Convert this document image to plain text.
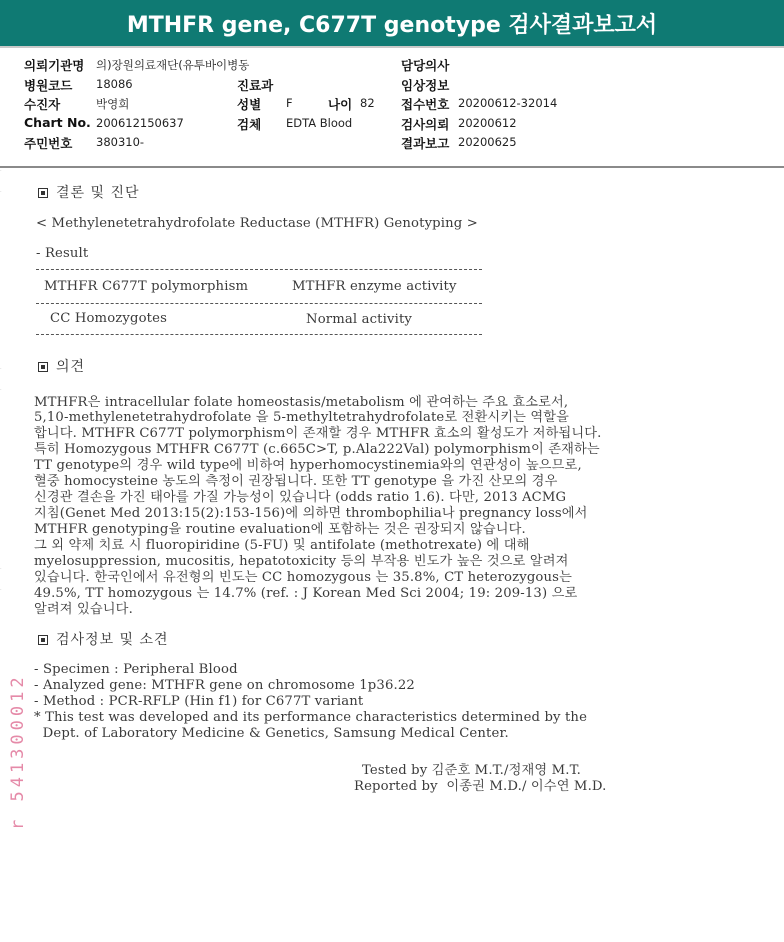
MTHFR gene, C677T genotype 검사결과보고서
의뢰기관명 의)장원의료재단(유투바이병동
병원코드 18086
수진자	박영희
Chart No. 200612150637
주민번호 380310-
진료과
성별 F	나이 82
검체 EDTA Blood
담당의사
임상정보
접수번호 20200612-32014
검사의뢰 20200612
결과보고 20200625
결론 및 진단
< Methylenetetrahydrofolate Reductase (MTHFR) Genotyping >
- Result
MTHFR C677T polymorphism	MTHFR enzyme activity
CC Homozygotes	Normal activity
의견
MTHFR은 intracellular folate homeostasis/metabolism 에 관여하는 주요 효소로서,
5,10-methylenetetrahydrofolate 을 5-methyltetrahydrofolate로 전환시키는 역할을
합니다. MTHFR C677T polymorphism이 존재할 경우 MTHFR 효소의 활성도가 저하됩니다.
특히 Homozygous MTHFR C677T (c.665C>T, p.Ala222Val) polymorphism이 존재하는
TT genotype의 경우 wild type에 비하여 hyperhomocystinemia와의 연관성이 높으므로,
혈중 homocysteine 농도의 측정이 권장됩니다. 또한 TT genotype 을 가진 산모의 경우
신경관 결손을 가진 태아를 가질 가능성이 있습니다 (odds ratio 1.6). 다만, 2013 ACMG
지침(Genet Med 2013:15(2):153-156)에 의하면 thrombophilia나 pregnancy loss에서
MTHFR genotyping을 routine evaluation에 포함하는 것은 권장되지 않습니다.
그 외 약제 치료 시 fluoropiridine (5-FU) 및 antifolate (methotrexate) 에 대해
myelosuppression, mucositis, hepatotoxicity 등의 부작용 빈도가 높은 것으로 알려져
있습니다. 한국인에서 유전형의 빈도는 CC homozygous 는 35.8%, CT heterozygous는
49.5%, TT homozygous 는 14.7% (ref. : J Korean Med Sci 2004; 19: 209-13) 으로
알려져 있습니다.
검사정보 및 소견
- Specimen : Peripheral Blood
- Analyzed gene: MTHFR gene on chromosome 1p36.22
- Method : PCR-RFLP (Hin f1) for C677T variant
* This test was developed and its performance characteristics determined by the
Dept. of Laboratory Medicine & Genetics, Samsung Medical Center.
Tested by 김준호 M.T./정재영 M.T.
Reported by  이종권 M.D./ 이수연 M.D.
r 541300012
